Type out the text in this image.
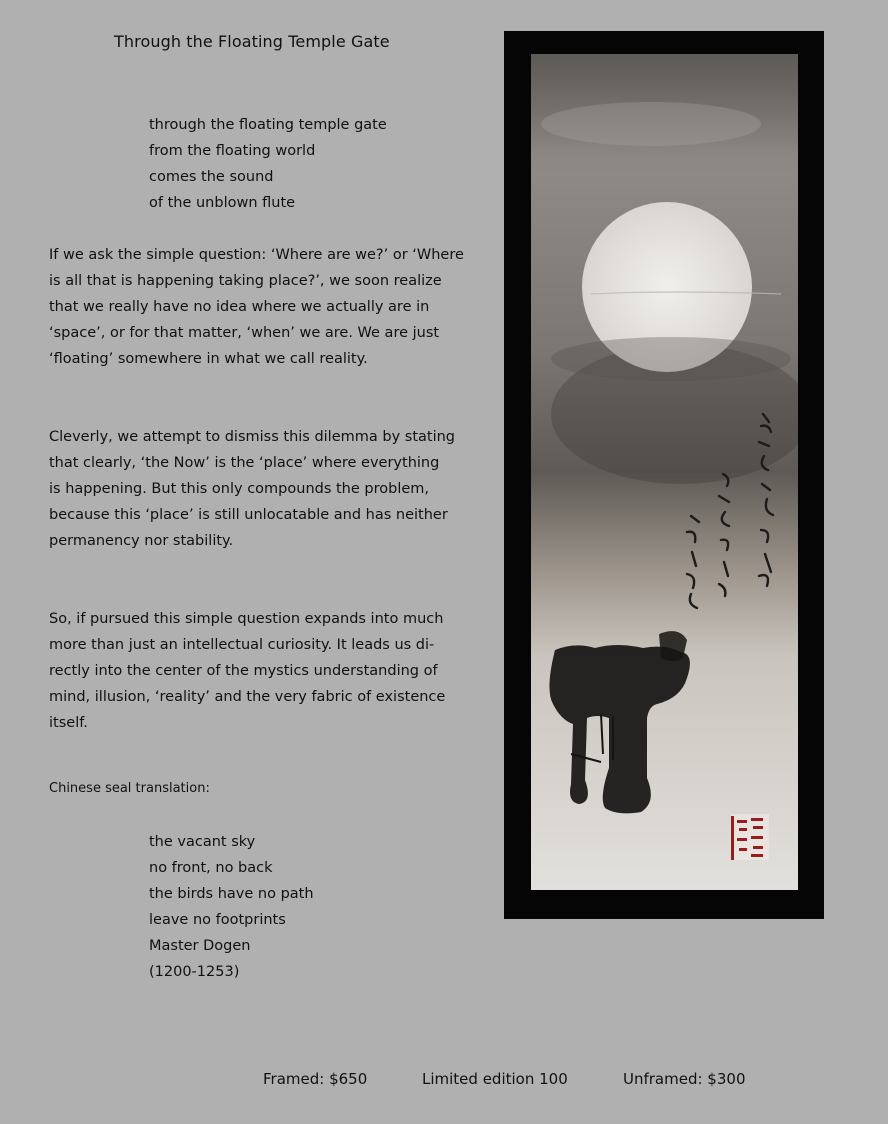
Through the Floating Temple Gate
through the floating temple gate
from the floating world
comes the sound
of the unblown flute
If we ask the simple question: ‘Where are we?’ or ‘Where
is all that is happening taking place?’, we soon realize
that we really have no idea where we actually are in
‘space’, or for that matter, ‘when’ we are. We are just
‘floating’ somewhere in what we call reality.
Cleverly, we attempt to dismiss this dilemma by stating
that clearly, ‘the Now’ is the ‘place’ where everything
is happening. But this only compounds the problem,
because this ‘place’ is still unlocatable and has neither
permanency nor stability.
So, if pursued this simple question expands into much
more than just an intellectual curiosity. It leads us di-
rectly into the center of the mystics understanding of
mind, illusion, ‘reality’ and the very fabric of existence
itself.
Chinese seal translation:
the vacant sky
no front, no back
the birds have no path
leave no footprints
Master Dogen
(1200-1253)
Framed: $650	Limited edition 100	Unframed: $300
